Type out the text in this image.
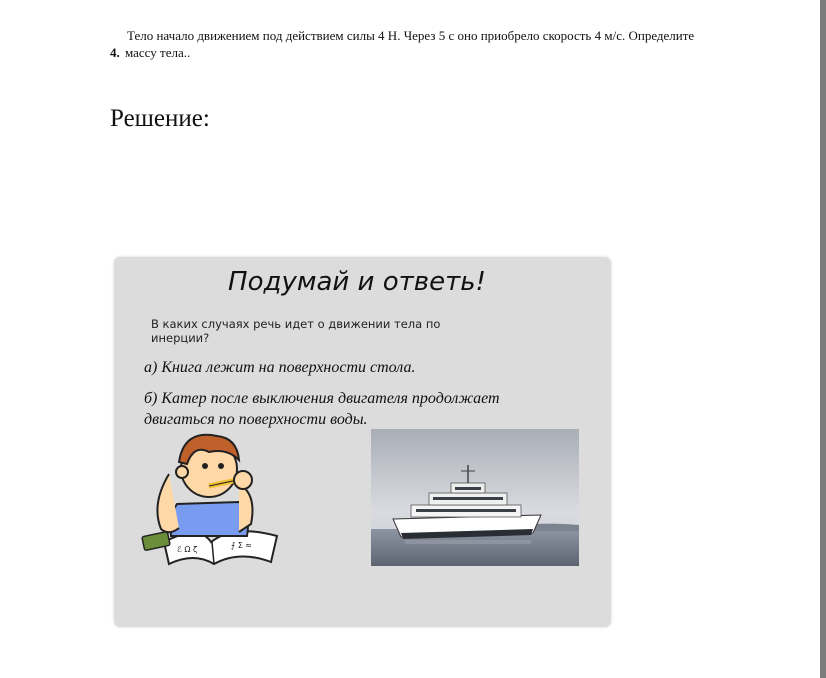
Тело начало движением под действием силы 4 Н. Через 5 с оно приобрело скорость 4 м/с. Определите
4. массу тела..
Решение:
Подумай и ответь!
В каких случаях речь идет о движении тела по инерции?
а) Книга лежит на поверхности стола.
б) Катер после выключения двигателя продолжает двигаться по поверхности воды.
ℰ Ω ζ	⨍ Σ ≈
